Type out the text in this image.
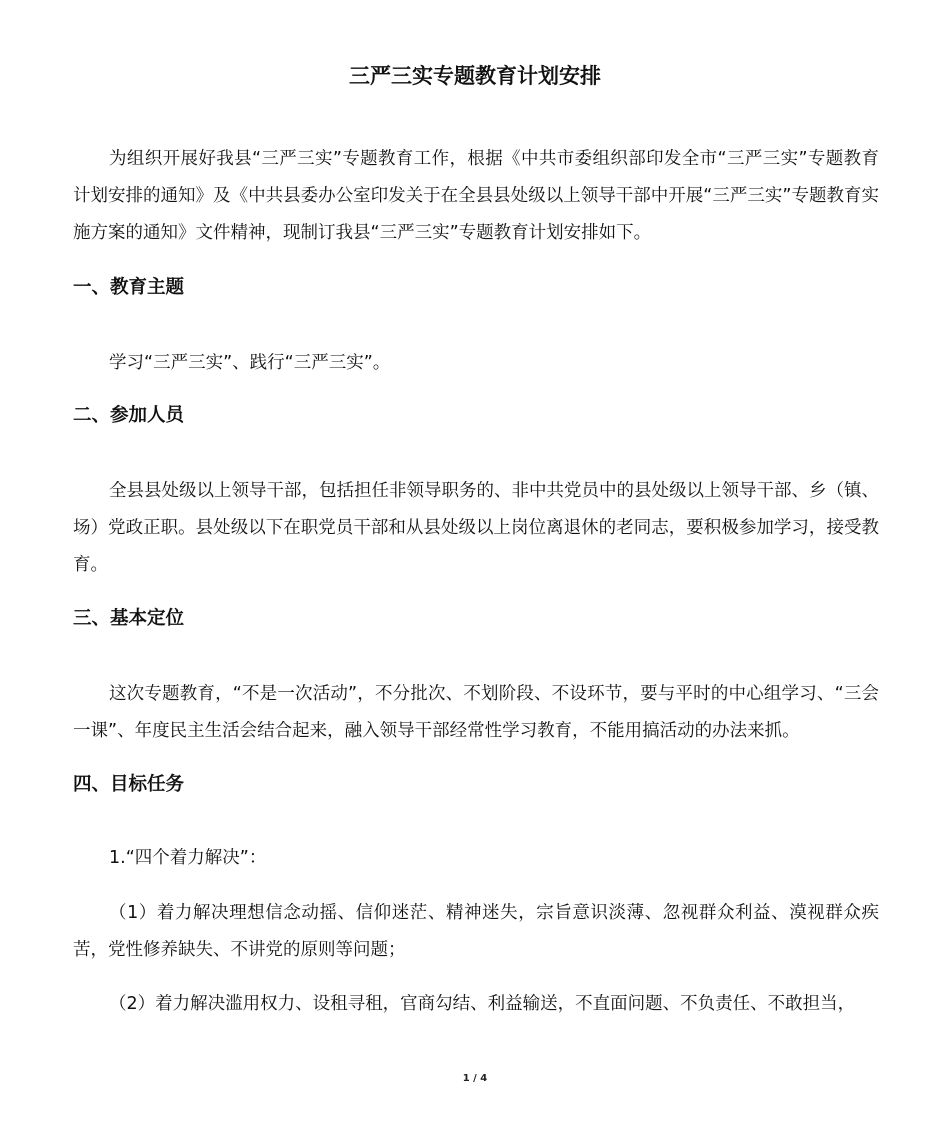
三严三实专题教育计划安排

为组织开展好我县“三严三实”专题教育工作，根据《中共市委组织部印发全市“三严三实”专题教育计划安排的通知》及《中共县委办公室印发关于在全县县处级以上领导干部中开展“三严三实”专题教育实施方案的通知》文件精神，现制订我县“三严三实”专题教育计划安排如下。

一、教育主题

学习“三严三实”、践行“三严三实”。

二、参加人员

全县县处级以上领导干部，包括担任非领导职务的、非中共党员中的县处级以上领导干部、乡（镇、场）党政正职。县处级以下在职党员干部和从县处级以上岗位离退休的老同志，要积极参加学习，接受教育。

三、基本定位

这次专题教育，“不是一次活动”，不分批次、不划阶段、不设环节，要与平时的中心组学习、“三会一课”、年度民主生活会结合起来，融入领导干部经常性学习教育，不能用搞活动的办法来抓。

四、目标任务

1.“四个着力解决”：

（1）着力解决理想信念动摇、信仰迷茫、精神迷失，宗旨意识淡薄、忽视群众利益、漠视群众疾苦，党性修养缺失、不讲党的原则等问题；

（2）着力解决滥用权力、设租寻租，官商勾结、利益输送，不直面问题、不负责任、不敢担当，

1 / 4
